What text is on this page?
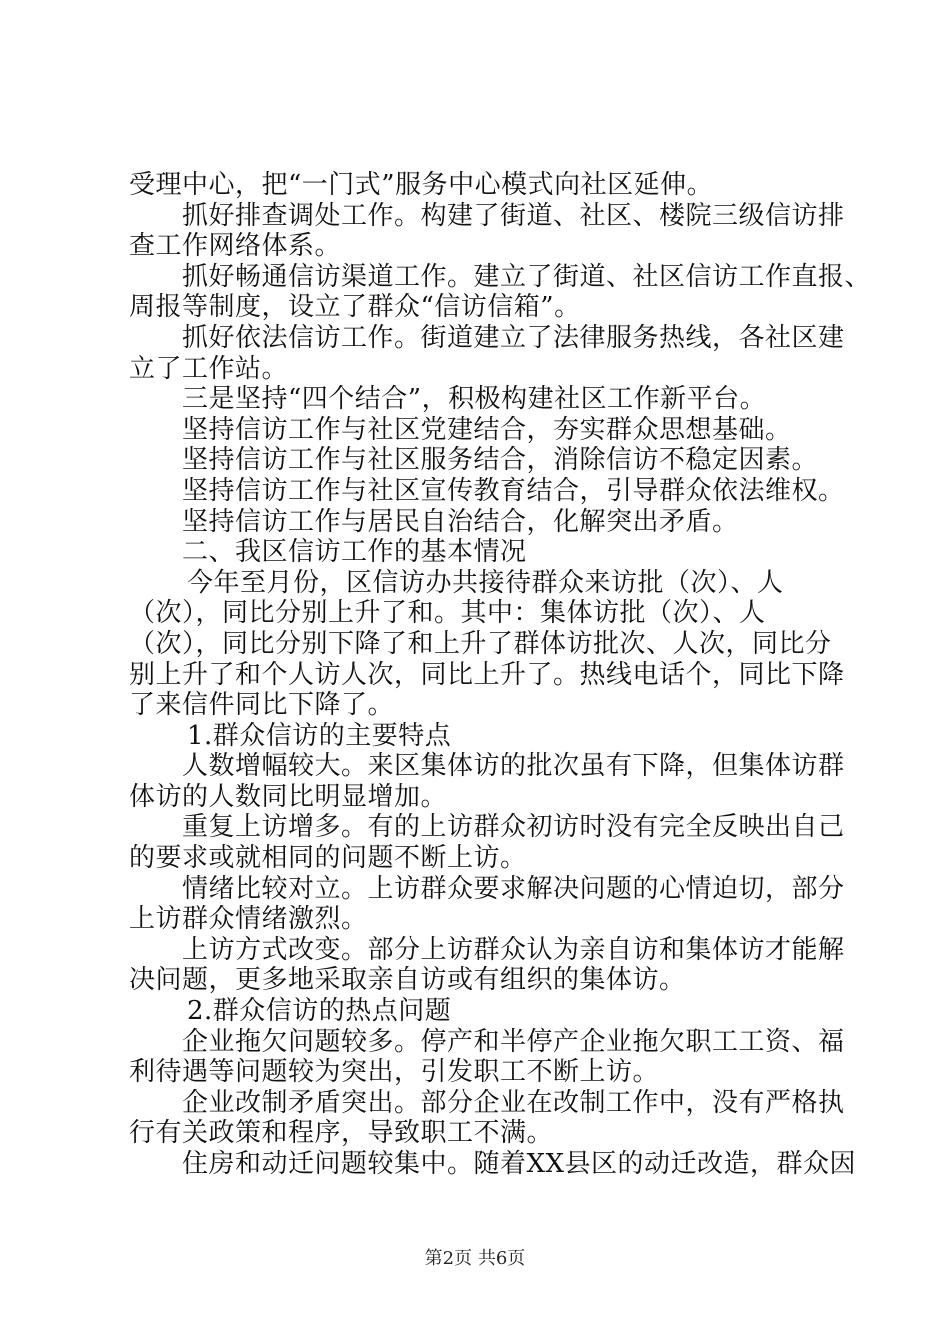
受理中心，把“一门式”服务中心模式向社区延伸。
抓好排查调处工作。构建了街道、社区、楼院三级信访排
查工作网络体系。
抓好畅通信访渠道工作。建立了街道、社区信访工作直报、
周报等制度，设立了群众“信访信箱”。
抓好依法信访工作。街道建立了法律服务热线，各社区建
立了工作站。
三是坚持“四个结合”，积极构建社区工作新平台。
坚持信访工作与社区党建结合，夯实群众思想基础。
坚持信访工作与社区服务结合，消除信访不稳定因素。
坚持信访工作与社区宣传教育结合，引导群众依法维权。
坚持信访工作与居民自治结合，化解突出矛盾。
二、我区信访工作的基本情况
今年至月份，区信访办共接待群众来访批（次）、人
（次），同比分别上升了和。其中：集体访批（次）、人
（次），同比分别下降了和上升了群体访批次、人次，同比分
别上升了和个人访人次，同比上升了。热线电话个，同比下降
了来信件同比下降了。
1.群众信访的主要特点
人数增幅较大。来区集体访的批次虽有下降，但集体访群
体访的人数同比明显增加。
重复上访增多。有的上访群众初访时没有完全反映出自己
的要求或就相同的问题不断上访。
情绪比较对立。上访群众要求解决问题的心情迫切，部分
上访群众情绪激烈。
上访方式改变。部分上访群众认为亲自访和集体访才能解
决问题，更多地采取亲自访或有组织的集体访。
2.群众信访的热点问题
企业拖欠问题较多。停产和半停产企业拖欠职工工资、福
利待遇等问题较为突出，引发职工不断上访。
企业改制矛盾突出。部分企业在改制工作中，没有严格执
行有关政策和程序，导致职工不满。
住房和动迁问题较集中。随着XX县区的动迁改造，群众因
第2页 共6页
